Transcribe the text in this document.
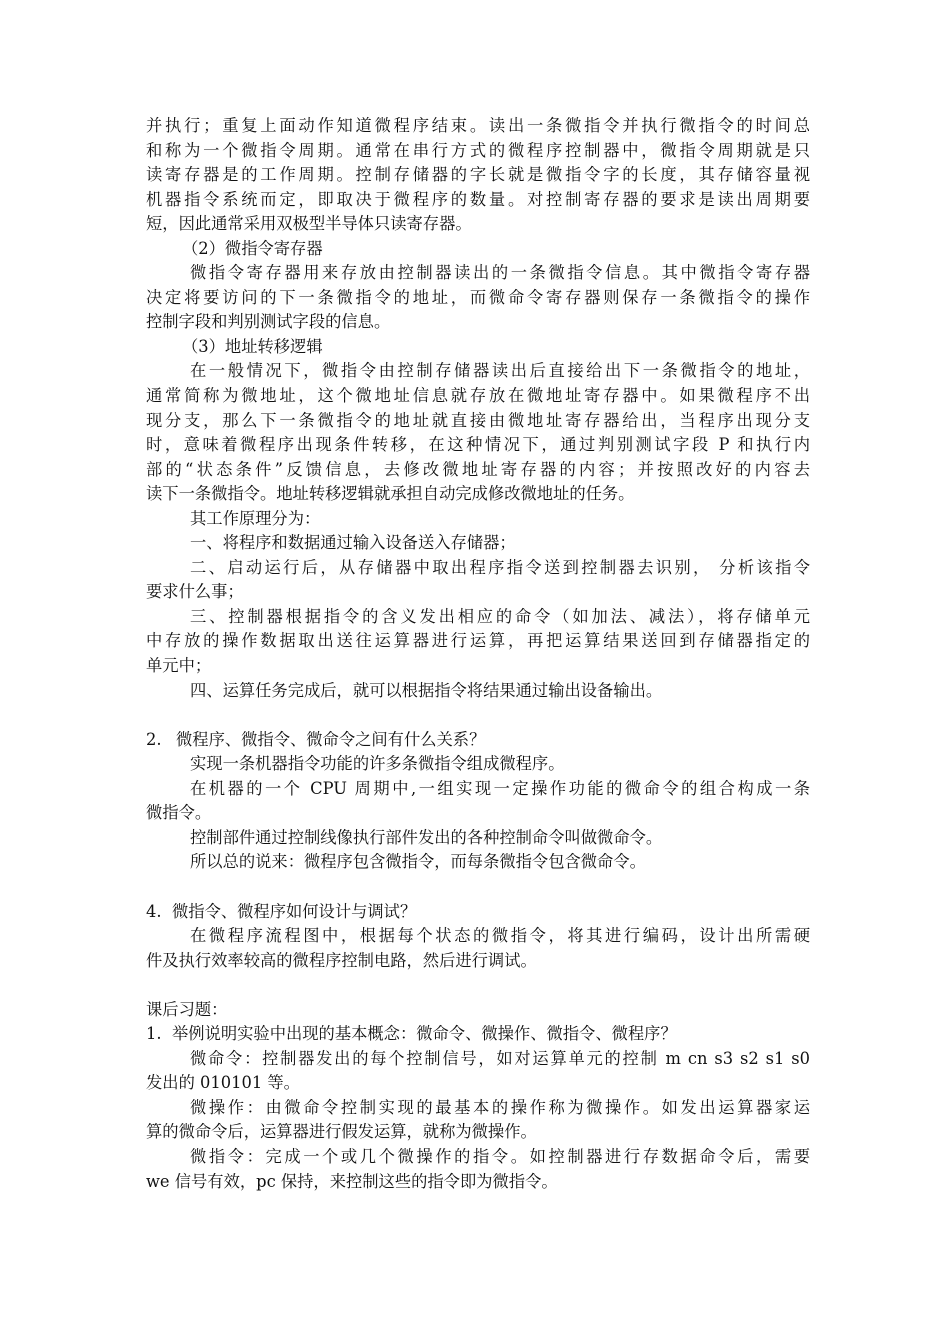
并执行；重复上面动作知道微程序结束。读出一条微指令并执行微指令的时间总
和称为一个微指令周期。通常在串行方式的微程序控制器中，微指令周期就是只
读寄存器是的工作周期。控制存储器的字长就是微指令字的长度，其存储容量视
机器指令系统而定，即取决于微程序的数量。对控制寄存器的要求是读出周期要
短，因此通常采用双极型半导体只读寄存器。
（2）微指令寄存器
微指令寄存器用来存放由控制器读出的一条微指令信息。其中微指令寄存器
决定将要访问的下一条微指令的地址，而微命令寄存器则保存一条微指令的操作
控制字段和判别测试字段的信息。
（3）地址转移逻辑
在一般情况下，微指令由控制存储器读出后直接给出下一条微指令的地址，
通常简称为微地址，这个微地址信息就存放在微地址寄存器中。如果微程序不出
现分支，那么下一条微指令的地址就直接由微地址寄存器给出，当程序出现分支
时，意味着微程序出现条件转移，在这种情况下，通过判别测试字段 P 和执行内
部的“状态条件”反馈信息，去修改微地址寄存器的内容；并按照改好的内容去
读下一条微指令。地址转移逻辑就承担自动完成修改微地址的任务。
其工作原理分为：
一、将程序和数据通过输入设备送入存储器；
二、启动运行后，从存储器中取出程序指令送到控制器去识别， 分析该指令
要求什么事；
三、控制器根据指令的含义发出相应的命令（如加法、减法），将存储单元
中存放的操作数据取出送往运算器进行运算，再把运算结果送回到存储器指定的
单元中；
四、运算任务完成后，就可以根据指令将结果通过输出设备输出。
2. 微程序、微指令、微命令之间有什么关系？
实现一条机器指令功能的许多条微指令组成微程序。
在机器的一个 CPU 周期中,一组实现一定操作功能的微命令的组合构成一条
微指令。
控制部件通过控制线像执行部件发出的各种控制命令叫做微命令。
所以总的说来：微程序包含微指令，而每条微指令包含微命令。
4. 微指令、微程序如何设计与调试？
在微程序流程图中，根据每个状态的微指令，将其进行编码，设计出所需硬
件及执行效率较高的微程序控制电路，然后进行调试。
课后习题：
1. 举例说明实验中出现的基本概念：微命令、微操作、微指令、微程序？
微命令：控制器发出的每个控制信号，如对运算单元的控制 m cn s3 s2 s1 s0
发出的 010101 等。
微操作：由微命令控制实现的最基本的操作称为微操作。如发出运算器家运
算的微命令后，运算器进行假发运算，就称为微操作。
微指令：完成一个或几个微操作的指令。如控制器进行存数据命令后，需要
we 信号有效，pc 保持，来控制这些的指令即为微指令。
